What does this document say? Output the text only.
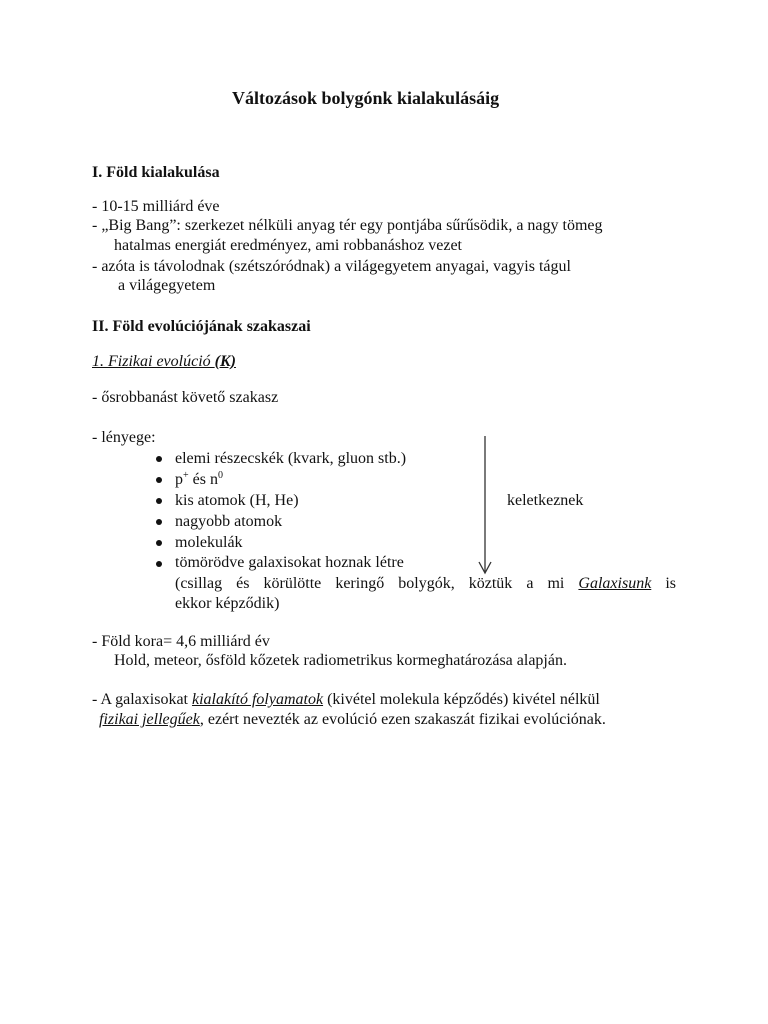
Változások bolygónk kialakulásáig
I. Föld kialakulása
- 10-15 milliárd éve
- „Big Bang”: szerkezet nélküli anyag tér egy pontjába sűrűsödik, a nagy tömeg
hatalmas energiát eredményez, ami robbanáshoz vezet
- azóta is távolodnak (szétszóródnak) a világegyetem anyagai, vagyis tágul
a világegyetem
II. Föld evolúciójának szakaszai
1. Fizikai evolúció (K)
- ősrobbanást követő szakasz
- lényege:
elemi részecskék (kvark, gluon stb.)
p+ és $n^0$
kis atomok (H, He)
nagyobb atomok
molekulák
tömörödve galaxisokat hoznak létre
keletkeznek
(csillag és körülötte keringő bolygók, köztük a mi Galaxisunk is
ekkor képződik)
- Föld kora= 4,6 milliárd év
Hold, meteor, ősföld kőzetek radiometrikus kormeghatározása alapján.
- A galaxisokat kialakító folyamatok (kivétel molekula képződés) kivétel nélkül
fizikai jellegűek, ezért nevezték az evolúció ezen szakaszát fizikai evolúciónak.
